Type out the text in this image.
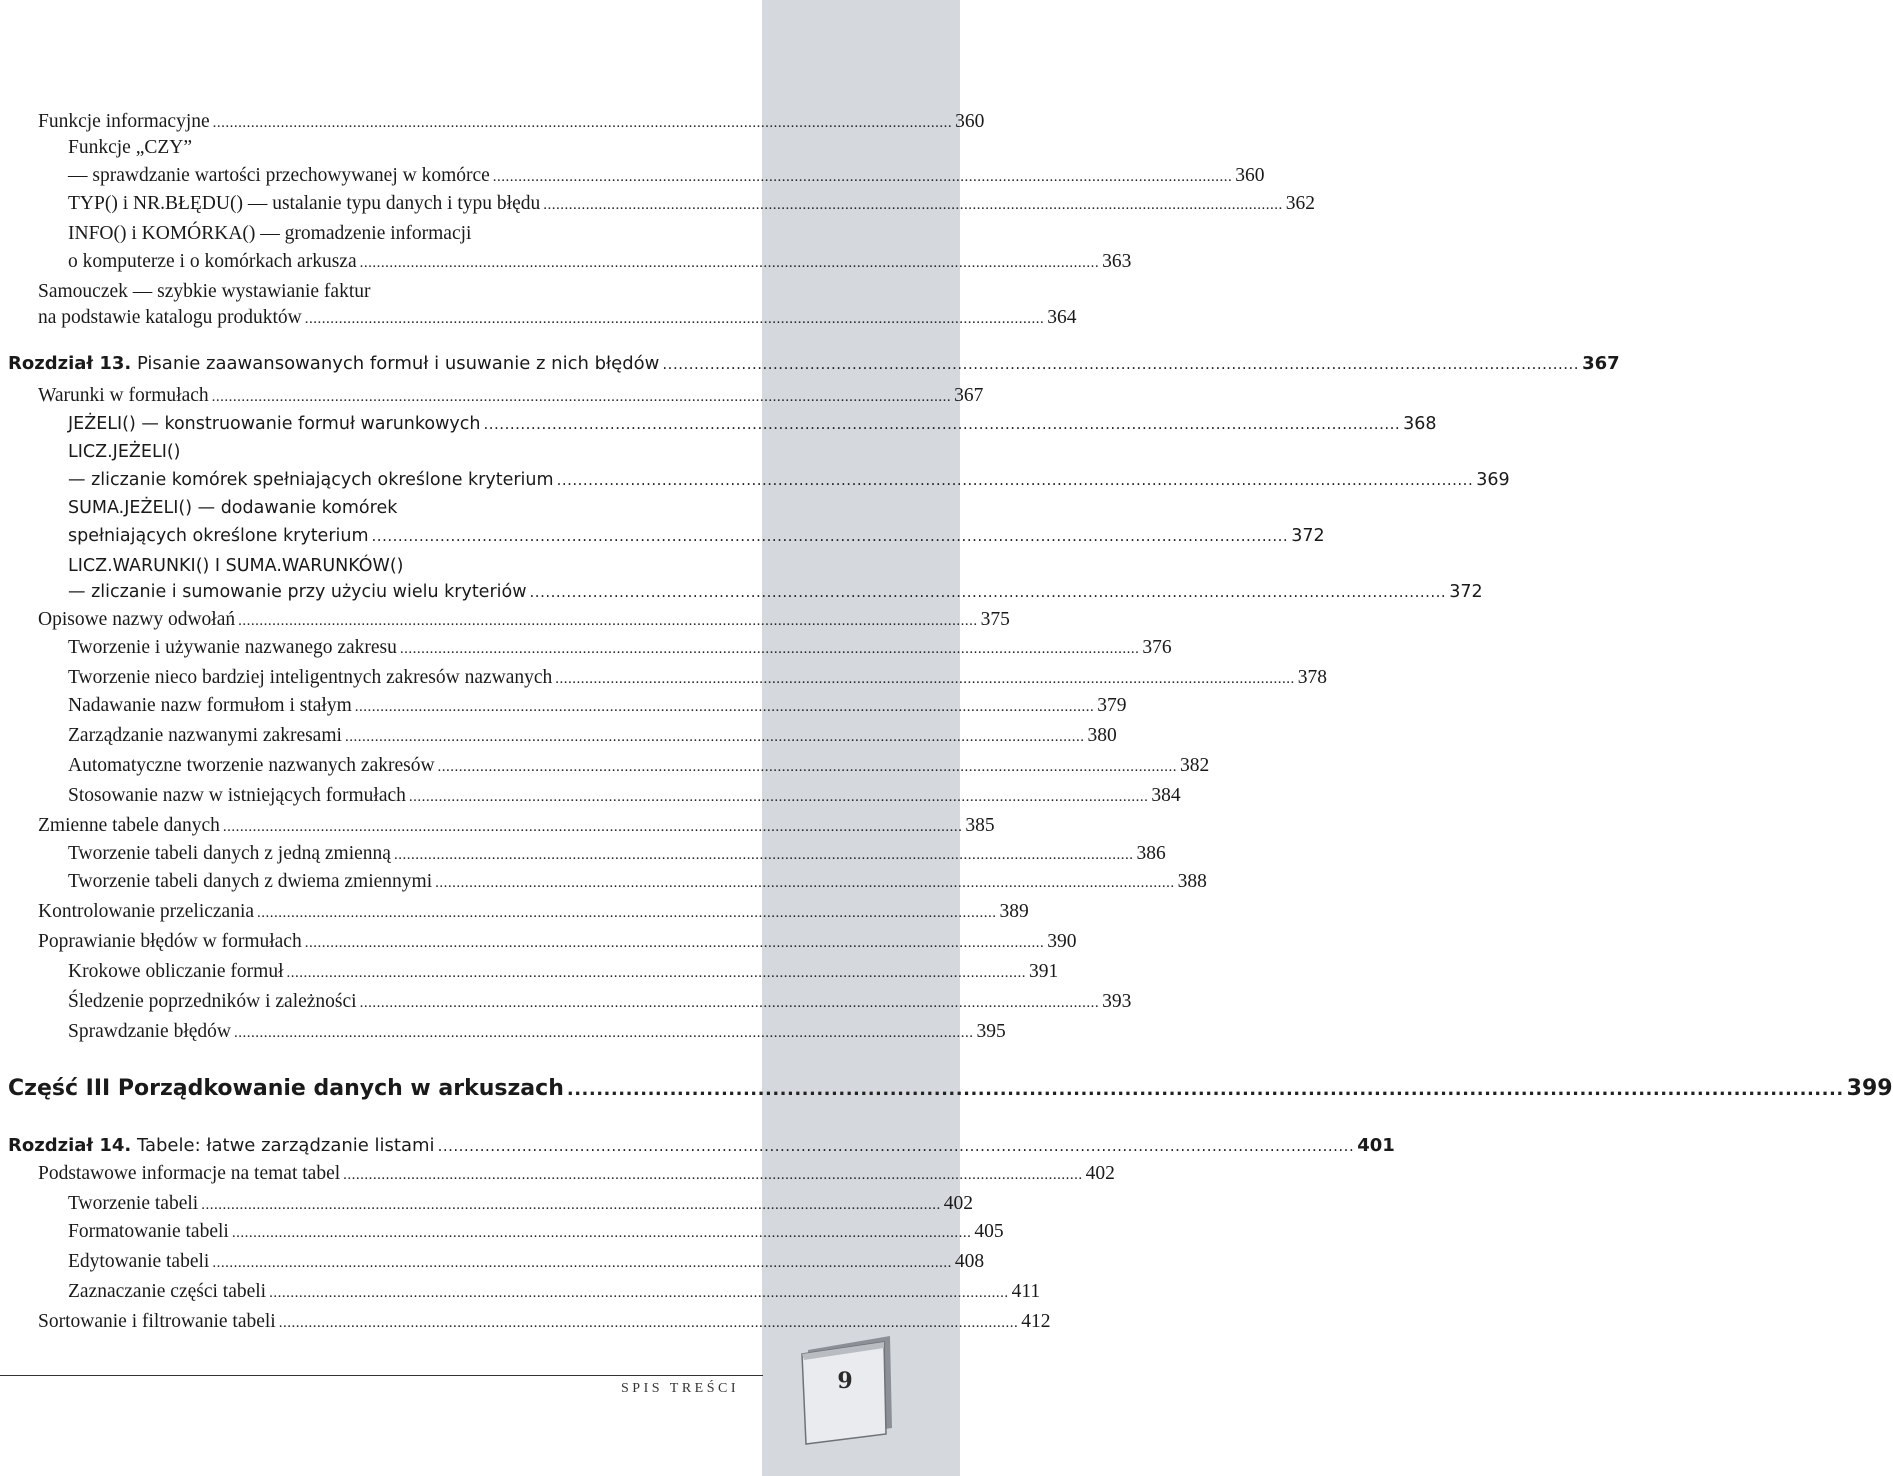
Funkcje informacyjne .............................................................................................................................................................................. 360
Funkcje „CZY”
— sprawdzanie wartości przechowywanej w komórce .............................................................................................................................................................................. 360
TYP() i NR.BŁĘDU() — ustalanie typu danych i typu błędu .............................................................................................................................................................................. 362
INFO() i KOMÓRKA() — gromadzenie informacji
o komputerze i o komórkach arkusza .............................................................................................................................................................................. 363
Samouczek — szybkie wystawianie faktur
na podstawie katalogu produktów .............................................................................................................................................................................. 364
Rozdział 13. Pisanie zaawansowanych formuł i usuwanie z nich błędów .............................................................................................................................................................................. 367
Warunki w formułach .............................................................................................................................................................................. 367
JEŻELI() — konstruowanie formuł warunkowych .............................................................................................................................................................................. 368
LICZ.JEŻELI()
— zliczanie komórek spełniających określone kryterium .............................................................................................................................................................................. 369
SUMA.JEŻELI() — dodawanie komórek
spełniających określone kryterium .............................................................................................................................................................................. 372
LICZ.WARUNKI() I SUMA.WARUNKÓW()
— zliczanie i sumowanie przy użyciu wielu kryteriów .............................................................................................................................................................................. 372
Opisowe nazwy odwołań .............................................................................................................................................................................. 375
Tworzenie i używanie nazwanego zakresu .............................................................................................................................................................................. 376
Tworzenie nieco bardziej inteligentnych zakresów nazwanych .............................................................................................................................................................................. 378
Nadawanie nazw formułom i stałym .............................................................................................................................................................................. 379
Zarządzanie nazwanymi zakresami .............................................................................................................................................................................. 380
Automatyczne tworzenie nazwanych zakresów .............................................................................................................................................................................. 382
Stosowanie nazw w istniejących formułach .............................................................................................................................................................................. 384
Zmienne tabele danych .............................................................................................................................................................................. 385
Tworzenie tabeli danych z jedną zmienną .............................................................................................................................................................................. 386
Tworzenie tabeli danych z dwiema zmiennymi .............................................................................................................................................................................. 388
Kontrolowanie przeliczania .............................................................................................................................................................................. 389
Poprawianie błędów w formułach .............................................................................................................................................................................. 390
Krokowe obliczanie formuł .............................................................................................................................................................................. 391
Śledzenie poprzedników i zależności .............................................................................................................................................................................. 393
Sprawdzanie błędów .............................................................................................................................................................................. 395
Część III Porządkowanie danych w arkuszach .............................................................................................................................................................................. 399
Rozdział 14. Tabele: łatwe zarządzanie listami .............................................................................................................................................................................. 401
Podstawowe informacje na temat tabel .............................................................................................................................................................................. 402
Tworzenie tabeli .............................................................................................................................................................................. 402
Formatowanie tabeli .............................................................................................................................................................................. 405
Edytowanie tabeli .............................................................................................................................................................................. 408
Zaznaczanie części tabeli .............................................................................................................................................................................. 411
Sortowanie i filtrowanie tabeli .............................................................................................................................................................................. 412
SPIS TREŚCI	9
